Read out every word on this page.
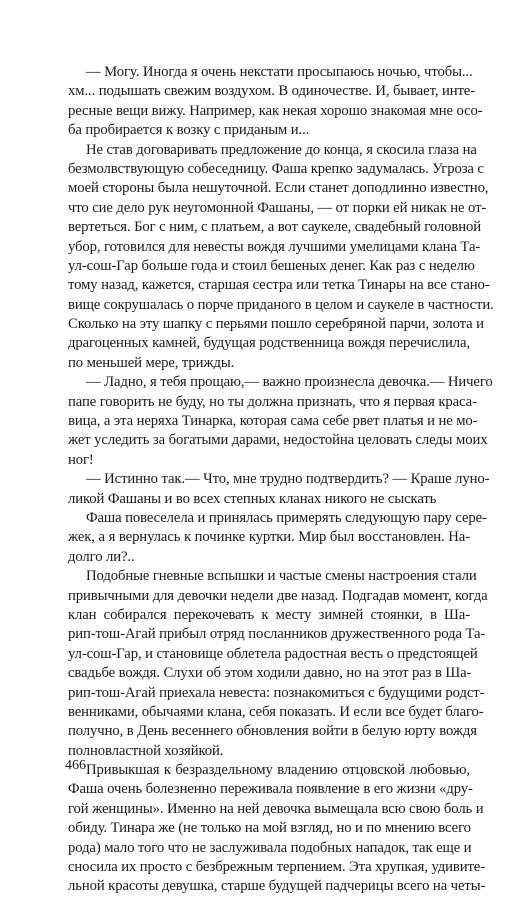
— Могу. Иногда я очень некстати просыпаюсь ночью, чтобы...
хм... подышать свежим воздухом. В одиночестве. И, бывает, инте-
ресные вещи вижу. Например, как некая хорошо знакомая мне осо-
ба пробирается к возку с приданым и...
Не став договаривать предложение до конца, я скосила глаза на
безмолвствующую собеседницу. Фаша крепко задумалась. Угроза с
моей стороны была нешуточной. Если станет доподлинно известно,
что сие дело рук неугомонной Фашаны, — от порки ей никак не от-
вертеться. Бог с ним, с платьем, а вот саукеле, свадебный головной
убор, готовился для невесты вождя лучшими умелицами клана Та-
ул-сош-Гар больше года и стоил бешеных денег. Как раз с неделю
тому назад, кажется, старшая сестра или тетка Тинары на все стано-
вище сокрушалась о порче приданого в целом и саукеле в частности.
Сколько на эту шапку с перьями пошло серебряной парчи, золота и
драгоценных камней, будущая родственница вождя перечислила,
по меньшей мере, трижды.
— Ладно, я тебя прощаю,— важно произнесла девочка.— Ничего
папе говорить не буду, но ты должна признать, что я первая краса-
вица, а эта неряха Тинарка, которая сама себе рвет платья и не мо-
жет уследить за богатыми дарами, недостойна целовать следы моих
ног!
— Истинно так.— Что, мне трудно подтвердить? — Краше луно-
ликой Фашаны и во всех степных кланах никого не сыскать
Фаша повеселела и принялась примерять следующую пару сере-
жек, а я вернулась к починке куртки. Мир был восстановлен. На-
долго ли?..
Подобные гневные вспышки и частые смены настроения стали
привычными для девочки недели две назад. Подгадав момент, когда
клан собирался перекочевать к месту зимней стоянки, в Ша-
рип-тош-Агай прибыл отряд посланников дружественного рода Та-
ул-сош-Гар, и становище облетела радостная весть о предстоящей
свадьбе вождя. Слухи об этом ходили давно, но на этот раз в Ша-
рип-тош-Агай приехала невеста: познакомиться с будущими родст-
венниками, обычаями клана, себя показать. И если все будет благо-
получно, в День весеннего обновления войти в белую юрту вождя
полновластной хозяйкой.
Привыкшая к безраздельному владению отцовской любовью,
Фаша очень болезненно переживала появление в его жизни «дру-
гой женщины». Именно на ней девочка вымещала всю свою боль и
обиду. Тинара же (не только на мой взгляд, но и по мнению всего
рода) мало того что не заслуживала подобных нападок, так еще и
сносила их просто с безбрежным терпением. Эта хрупкая, удивите-
льной красоты девушка, старше будущей падчерицы всего на четы-
466
